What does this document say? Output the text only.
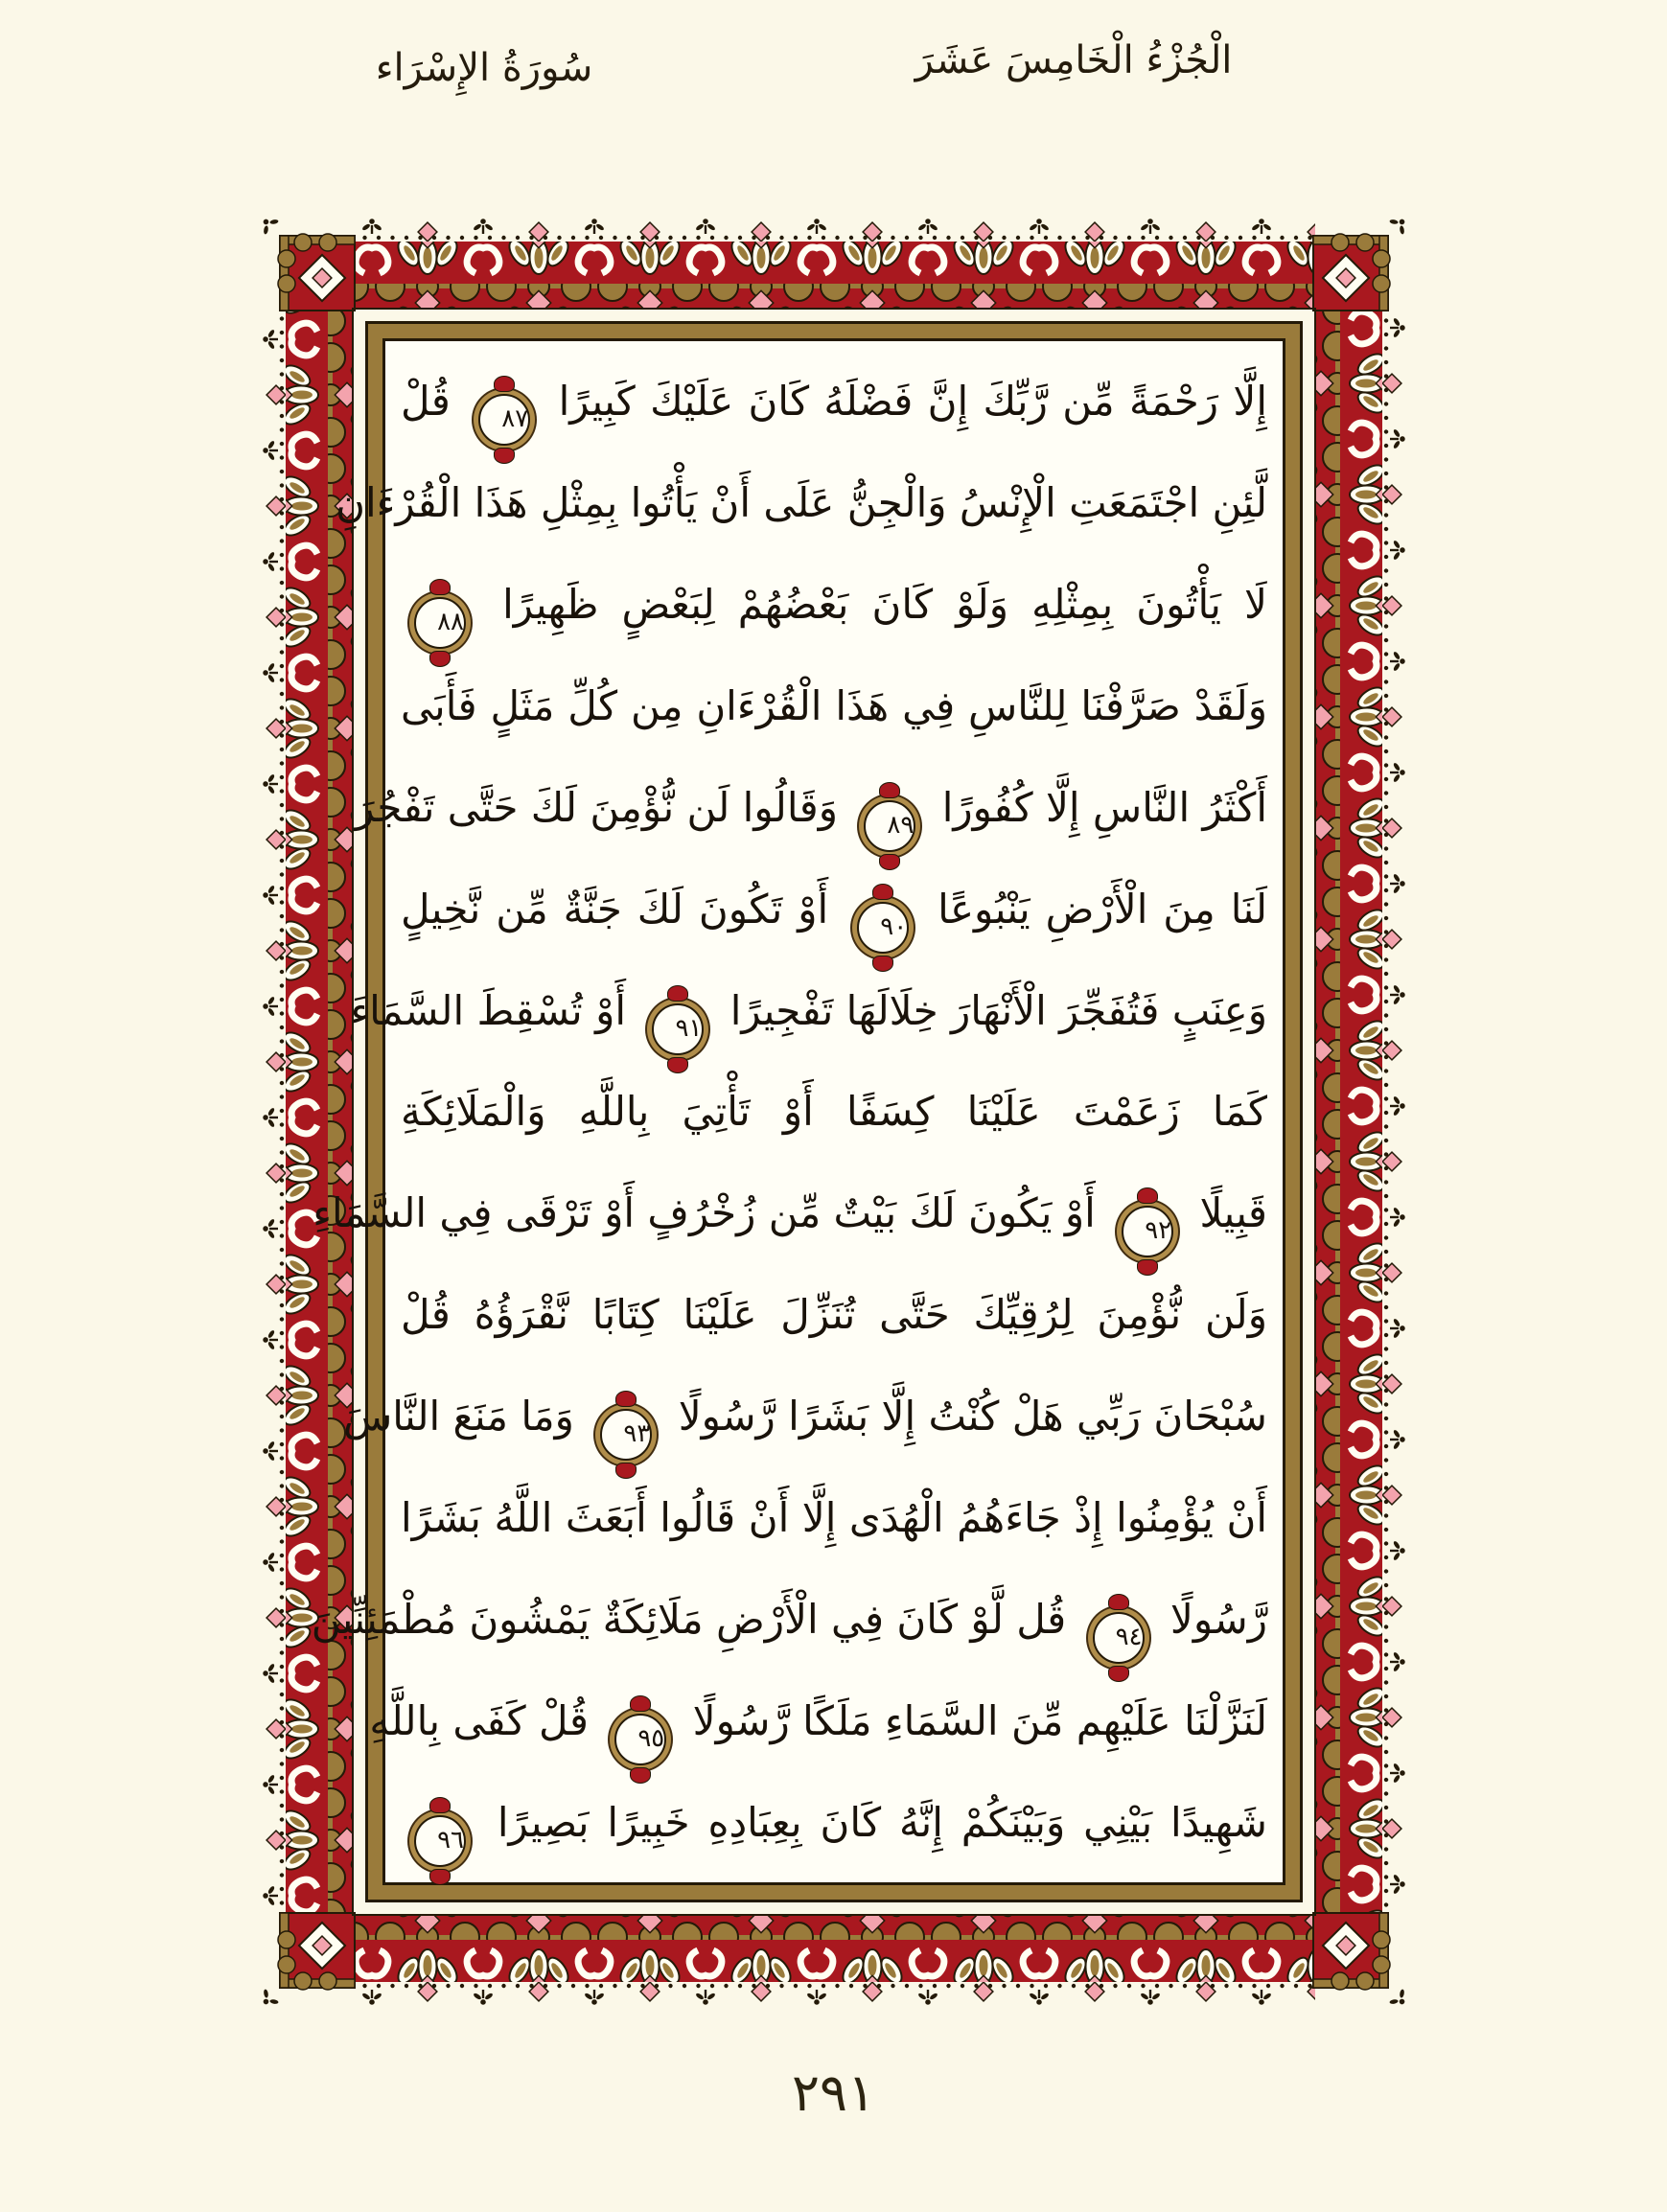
سُورَةُ الإِسْرَاء	الْجُزْءُ الْخَامِسَ عَشَرَ
إِلَّا رَحْمَةً مِّن رَّبِّكَ إِنَّ فَضْلَهُ كَانَ عَلَيْكَ كَبِيرًا ٨٧ قُلْ
لَّئِنِ اجْتَمَعَتِ الْإِنْسُ وَالْجِنُّ عَلَى أَنْ يَأْتُوا بِمِثْلِ هَذَا الْقُرْءَانِ
لَا يَأْتُونَ بِمِثْلِهِ وَلَوْ كَانَ بَعْضُهُمْ لِبَعْضٍ ظَهِيرًا ٨٨
وَلَقَدْ صَرَّفْنَا لِلنَّاسِ فِي هَذَا الْقُرْءَانِ مِن كُلِّ مَثَلٍ فَأَبَى
أَكْثَرُ النَّاسِ إِلَّا كُفُورًا ٨٩ وَقَالُوا لَن نُّؤْمِنَ لَكَ حَتَّى تَفْجُرَ
لَنَا مِنَ الْأَرْضِ يَنْبُوعًا ٩٠ أَوْ تَكُونَ لَكَ جَنَّةٌ مِّن نَّخِيلٍ
وَعِنَبٍ فَتُفَجِّرَ الْأَنْهَارَ خِلَالَهَا تَفْجِيرًا ٩١ أَوْ تُسْقِطَ السَّمَاءَ
كَمَا زَعَمْتَ عَلَيْنَا كِسَفًا أَوْ تَأْتِيَ بِاللَّهِ وَالْمَلَائِكَةِ
قَبِيلًا ٩٢ أَوْ يَكُونَ لَكَ بَيْتٌ مِّن زُخْرُفٍ أَوْ تَرْقَى فِي السَّمَاءِ
وَلَن نُّؤْمِنَ لِرُقِيِّكَ حَتَّى تُنَزِّلَ عَلَيْنَا كِتَابًا نَّقْرَؤُهُ قُلْ
سُبْحَانَ رَبِّي هَلْ كُنْتُ إِلَّا بَشَرًا رَّسُولًا ٩٣ وَمَا مَنَعَ النَّاسَ
أَنْ يُؤْمِنُوا إِذْ جَاءَهُمُ الْهُدَى إِلَّا أَنْ قَالُوا أَبَعَثَ اللَّهُ بَشَرًا
رَّسُولًا ٩٤ قُل لَّوْ كَانَ فِي الْأَرْضِ مَلَائِكَةٌ يَمْشُونَ مُطْمَئِنِّينَ
لَنَزَّلْنَا عَلَيْهِم مِّنَ السَّمَاءِ مَلَكًا رَّسُولًا ٩٥ قُلْ كَفَى بِاللَّهِ
شَهِيدًا بَيْنِي وَبَيْنَكُمْ إِنَّهُ كَانَ بِعِبَادِهِ خَبِيرًا بَصِيرًا ٩٦
٢٩١
